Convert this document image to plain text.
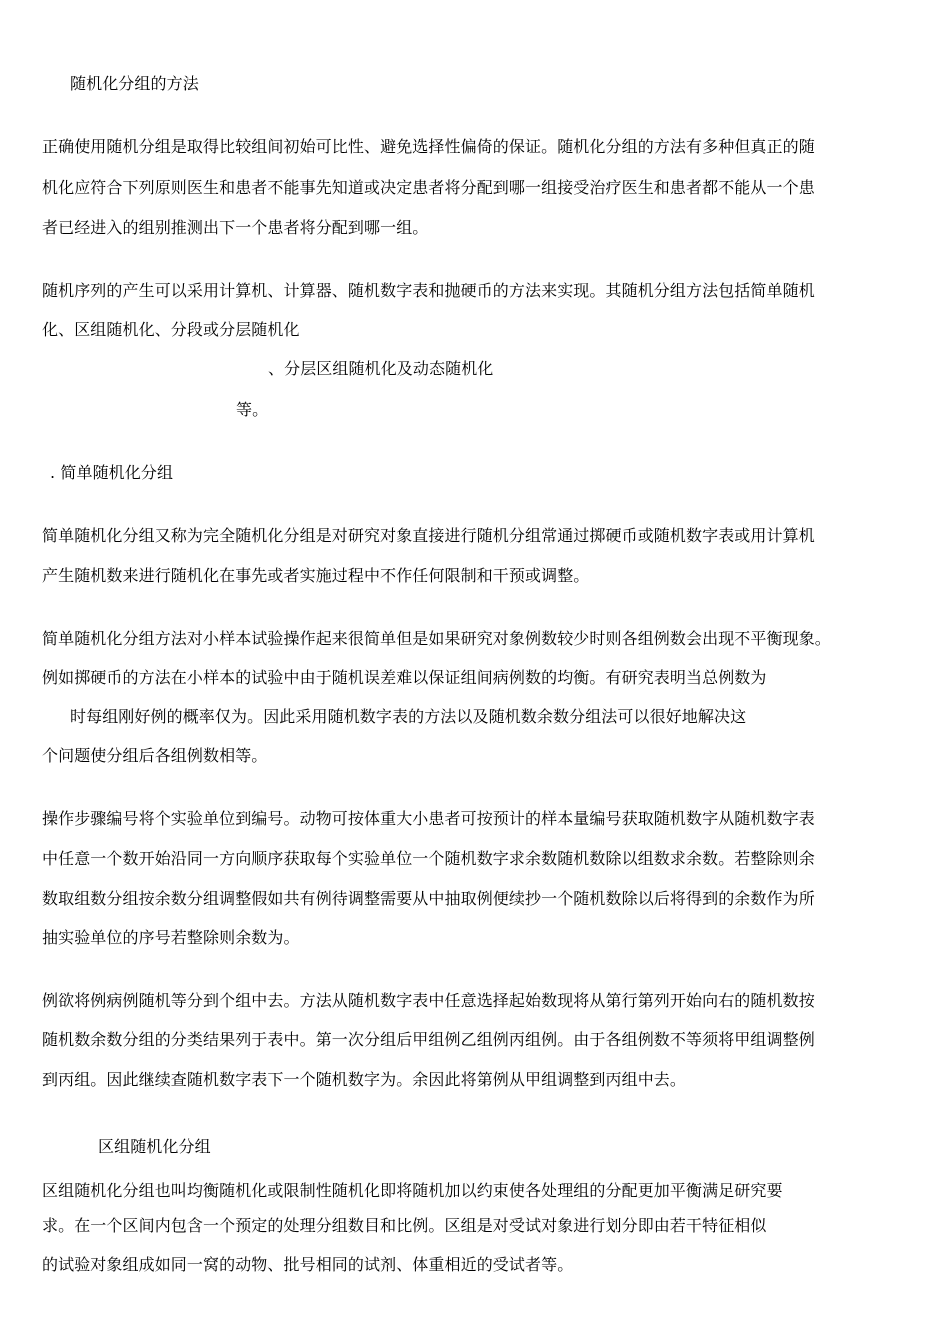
随机化分组的方法
正确使用随机分组是取得比较组间初始可比性、避免选择性偏倚的保证。随机化分组的方法有多种但真正的随
机化应符合下列原则医生和患者不能事先知道或决定患者将分配到哪一组接受治疗医生和患者都不能从一个患
者已经进入的组别推测出下一个患者将分配到哪一组。
随机序列的产生可以采用计算机、计算器、随机数字表和抛硬币的方法来实现。其随机分组方法包括简单随机
化、区组随机化、分段或分层随机化
、分层区组随机化及动态随机化
等。
. 简单随机化分组
简单随机化分组又称为完全随机化分组是对研究对象直接进行随机分组常通过掷硬币或随机数字表或用计算机
产生随机数来进行随机化在事先或者实施过程中不作任何限制和干预或调整。
简单随机化分组方法对小样本试验操作起来很简单但是如果研究对象例数较少时则各组例数会出现不平衡现象。
例如掷硬币的方法在小样本的试验中由于随机误差难以保证组间病例数的均衡。有研究表明当总例数为
时每组刚好例的概率仅为。因此采用随机数字表的方法以及随机数余数分组法可以很好地解决这
个问题使分组后各组例数相等。
操作步骤编号将个实验单位到编号。动物可按体重大小患者可按预计的样本量编号获取随机数字从随机数字表
中任意一个数开始沿同一方向顺序获取每个实验单位一个随机数字求余数随机数除以组数求余数。若整除则余
数取组数分组按余数分组调整假如共有例待调整需要从中抽取例便续抄一个随机数除以后将得到的余数作为所
抽实验单位的序号若整除则余数为。
例欲将例病例随机等分到个组中去。方法从随机数字表中任意选择起始数现将从第行第列开始向右的随机数按
随机数余数分组的分类结果列于表中。第一次分组后甲组例乙组例丙组例。由于各组例数不等须将甲组调整例
到丙组。因此继续查随机数字表下一个随机数字为。余因此将第例从甲组调整到丙组中去。
区组随机化分组
区组随机化分组也叫均衡随机化或限制性随机化即将随机加以约束使各处理组的分配更加平衡满足研究要
求。在一个区间内包含一个预定的处理分组数目和比例。区组是对受试对象进行划分即由若干特征相似
的试验对象组成如同一窝的动物、批号相同的试剂、体重相近的受试者等。
